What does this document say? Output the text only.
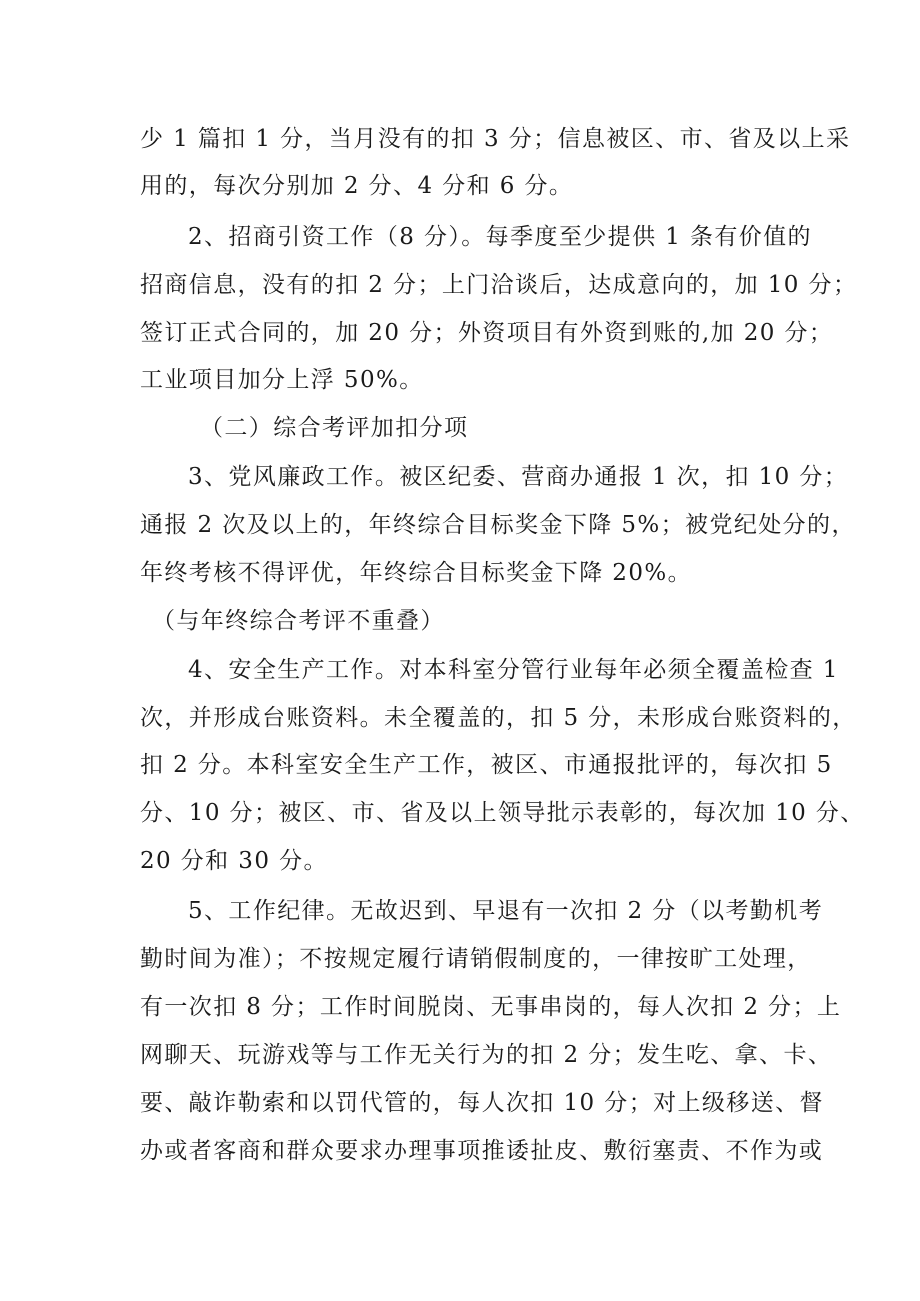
少 1 篇扣 1 分，当月没有的扣 3 分；信息被区、市、省及以上采
用的，每次分别加 2 分、4 分和 6 分。
2、招商引资工作（8 分）。每季度至少提供 1 条有价值的
招商信息，没有的扣 2 分；上门洽谈后，达成意向的，加 10 分；
签订正式合同的，加 20 分；外资项目有外资到账的,加 20 分；
工业项目加分上浮 50%。
（二）综合考评加扣分项
3、党风廉政工作。被区纪委、营商办通报 1 次，扣 10 分；
通报 2 次及以上的，年终综合目标奖金下降 5%；被党纪处分的，
年终考核不得评优，年终综合目标奖金下降 20%。
（与年终综合考评不重叠）
4、安全生产工作。对本科室分管行业每年必须全覆盖检查 1
次，并形成台账资料。未全覆盖的，扣 5 分，未形成台账资料的，
扣 2 分。本科室安全生产工作，被区、市通报批评的，每次扣 5
分、10 分；被区、市、省及以上领导批示表彰的，每次加 10 分、
20 分和 30 分。
5、工作纪律。无故迟到、早退有一次扣 2 分（以考勤机考
勤时间为准）；不按规定履行请销假制度的，一律按旷工处理，
有一次扣 8 分；工作时间脱岗、无事串岗的，每人次扣 2 分；上
网聊天、玩游戏等与工作无关行为的扣 2 分；发生吃、拿、卡、
要、敲诈勒索和以罚代管的，每人次扣 10 分；对上级移送、督
办或者客商和群众要求办理事项推诿扯皮、敷衍塞责、不作为或
